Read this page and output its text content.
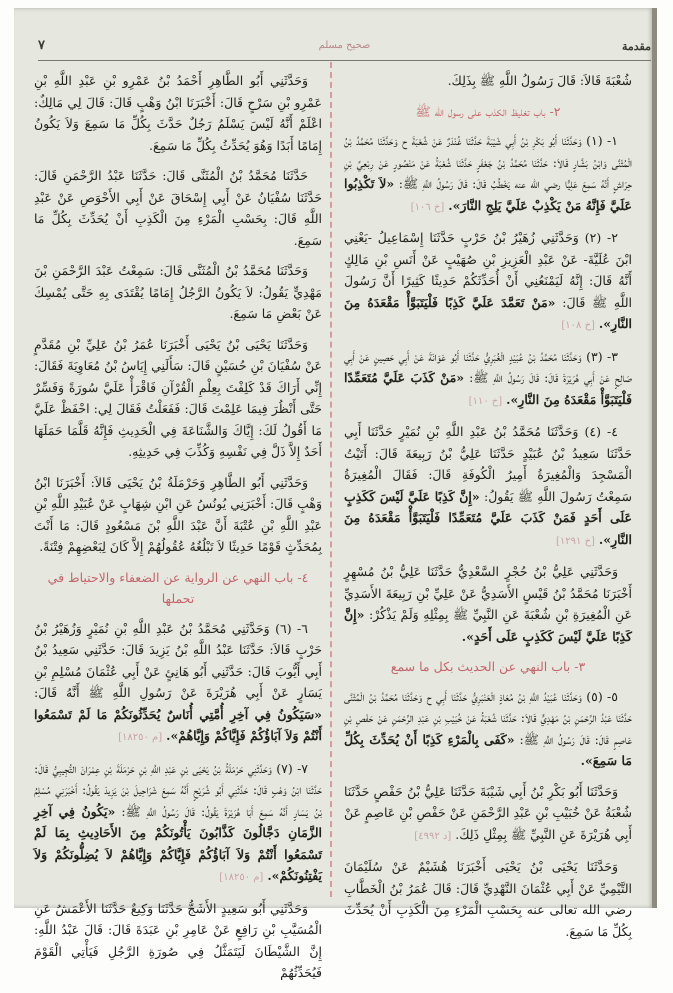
مقدمة
صحيح مسلم
٧

شُعْبَةَ قَالاَ: قَالَ رَسُولُ اللَّهِ ﷺ بِذَلِكَ.

٢- باب تغليظ الكذب على رسول الله ﷺ

١- (١) وَحَدَّثَنَا أَبُو بَكْرِ بْنُ أَبِي شَيْبَةَ حَدَّثَنَا غُنْدَرٌ عَنْ شُعْبَةَ ح وَحَدَّثَنَا مُحَمَّدُ بْنُ الْمُثَنَّى وَابْنُ بَشَّارٍ قَالاَ: حَدَّثَنَا مُحَمَّدُ بْنُ جَعْفَرٍ حَدَّثَنَا شُعْبَةُ عَنْ مَنْصُورٍ عَنْ رِبْعِيِّ بْنِ حِرَاشٍ أَنَّهُ سَمِعَ عَلِيًّا رضي الله عنه يَخْطُبُ قَالَ: قَالَ رَسُولُ اللَّهِ ﷺ: «لاَ تَكْذِبُوا عَلَيَّ فَإِنَّهُ مَنْ يَكْذِبْ عَلَيَّ يَلِجِ النَّارَ». [خ ١٠٦]

٢- (٢) وَحَدَّثَنِي زُهَيْرُ بْنُ حَرْبٍ حَدَّثَنَا إِسْمَاعِيلُ -يَعْنِي ابْنَ عُلَيَّةَ- عَنْ عَبْدِ الْعَزِيزِ بْنِ صُهَيْبٍ عَنْ أَنَسِ بْنِ مَالِكٍ أَنَّهُ قَالَ: إِنَّهُ لَيَمْنَعُنِي أَنْ أُحَدِّثَكُمْ حَدِيثًا كَثِيرًا أَنَّ رَسُولَ اللَّهِ ﷺ قَالَ: «مَنْ تَعَمَّدَ عَلَيَّ كَذِبًا فَلْيَتَبَوَّأْ مَقْعَدَهُ مِنَ النَّارِ». [خ ١٠٨]

٣- (٣) وَحَدَّثَنَا مُحَمَّدُ بْنُ عُبَيْدٍ الْغُبَرِيُّ حَدَّثَنَا أَبُو عَوَانَةَ عَنْ أَبِي حَصِينٍ عَنْ أَبِي صَالِحٍ عَنْ أَبِي هُرَيْرَةَ قَالَ: قَالَ رَسُولُ اللَّهِ ﷺ: «مَنْ كَذَبَ عَلَيَّ مُتَعَمِّدًا فَلْيَتَبَوَّأْ مَقْعَدَهُ مِنَ النَّارِ». [خ ١١٠]

٤- (٤) وَحَدَّثَنَا مُحَمَّدُ بْنُ عَبْدِ اللَّهِ بْنِ نُمَيْرٍ حَدَّثَنَا أَبِي حَدَّثَنَا سَعِيدُ بْنُ عُبَيْدٍ حَدَّثَنَا عَلِيُّ بْنُ رَبِيعَةَ قَالَ: أَتَيْتُ الْمَسْجِدَ وَالْمُغِيرَةُ أَمِيرُ الْكُوفَةِ قَالَ: فَقَالَ الْمُغِيرَةُ سَمِعْتُ رَسُولَ اللَّهِ ﷺ يَقُولُ: «إِنَّ كَذِبًا عَلَيَّ لَيْسَ كَكَذِبٍ عَلَى أَحَدٍ فَمَنْ كَذَبَ عَلَيَّ مُتَعَمِّدًا فَلْيَتَبَوَّأْ مَقْعَدَهُ مِنَ النَّارِ». [خ ١٢٩١]

وَحَدَّثَنِي عَلِيُّ بْنُ حُجْرٍ السَّعْدِيُّ حَدَّثَنَا عَلِيُّ بْنُ مُسْهِرٍ أَخْبَرَنَا مُحَمَّدُ بْنُ قَيْسٍ الأَسَدِيُّ عَنْ عَلِيِّ بْنِ رَبِيعَةَ الأَسَدِيِّ عَنِ الْمُغِيرَةِ بْنِ شُعْبَةَ عَنِ النَّبِيِّ ﷺ بِمِثْلِهِ وَلَمْ يَذْكُرْ: «إِنَّ كَذِبًا عَلَيَّ لَيْسَ كَكَذِبٍ عَلَى أَحَدٍ».

٣- باب النهي عن الحديث بكل ما سمع

٥- (٥) وَحَدَّثَنَا عُبَيْدُ اللَّهِ بْنُ مُعَاذٍ الْعَنْبَرِيُّ حَدَّثَنَا أَبِي ح وَحَدَّثَنَا مُحَمَّدُ بْنُ الْمُثَنَّى حَدَّثَنَا عَبْدُ الرَّحْمَنِ بْنُ مَهْدِيٍّ قَالاَ: حَدَّثَنَا شُعْبَةُ عَنْ خُبَيْبِ بْنِ عَبْدِ الرَّحْمَنِ عَنْ حَفْصِ بْنِ عَاصِمٍ قَالَ: قَالَ رَسُولُ اللَّهِ ﷺ: «كَفَى بِالْمَرْءِ كَذِبًا أَنْ يُحَدِّثَ بِكُلِّ مَا سَمِعَ».

وَحَدَّثَنَا أَبُو بَكْرِ بْنُ أَبِي شَيْبَةَ حَدَّثَنَا عَلِيُّ بْنُ حَفْصٍ حَدَّثَنَا شُعْبَةُ عَنْ خُبَيْبِ بْنِ عَبْدِ الرَّحْمَنِ عَنْ حَفْصِ بْنِ عَاصِمٍ عَنْ أَبِي هُرَيْرَةَ عَنِ النَّبِيِّ ﷺ بِمِثْلِ ذَلِكَ. [د ٤٩٩٢]

وَحَدَّثَنَا يَحْيَى بْنُ يَحْيَى أَخْبَرَنَا هُشَيْمٌ عَنْ سُلَيْمَانَ التَّيْمِيِّ عَنْ أَبِي عُثْمَانَ النَّهْدِيِّ قَالَ: قَالَ عُمَرُ بْنُ الْخَطَّابِ رضي الله تعالى عنه بِحَسْبِ الْمَرْءِ مِنَ الْكَذِبِ أَنْ يُحَدِّثَ بِكُلِّ مَا سَمِعَ.

وَحَدَّثَنِي أَبُو الطَّاهِرِ أَحْمَدُ بْنُ عَمْرِو بْنِ عَبْدِ اللَّهِ بْنِ عَمْرِو بْنِ سَرْحٍ قَالَ: أَخْبَرَنَا ابْنُ وَهْبٍ قَالَ: قَالَ لِي مَالِكٌ: اعْلَمْ أَنَّهُ لَيْسَ يَسْلَمُ رَجُلٌ حَدَّثَ بِكُلِّ مَا سَمِعَ وَلاَ يَكُونُ إِمَامًا أَبَدًا وَهُوَ يُحَدِّثُ بِكُلِّ مَا سَمِعَ.

حَدَّثَنَا مُحَمَّدُ بْنُ الْمُثَنَّى قَالَ: حَدَّثَنَا عَبْدُ الرَّحْمَنِ قَالَ: حَدَّثَنَا سُفْيَانُ عَنْ أَبِي إِسْحَاقَ عَنْ أَبِي الأَحْوَصِ عَنْ عَبْدِ اللَّهِ قَالَ: بِحَسْبِ الْمَرْءِ مِنَ الْكَذِبِ أَنْ يُحَدِّثَ بِكُلِّ مَا سَمِعَ.

وَحَدَّثَنَا مُحَمَّدُ بْنُ الْمُثَنَّى قَالَ: سَمِعْتُ عَبْدَ الرَّحْمَنِ بْنَ مَهْدِيٍّ يَقُولُ: لاَ يَكُونُ الرَّجُلُ إِمَامًا يُقْتَدَى بِهِ حَتَّى يُمْسِكَ عَنْ بَعْضِ مَا سَمِعَ.

وَحَدَّثَنَا يَحْيَى بْنُ يَحْيَى أَخْبَرَنَا عُمَرُ بْنُ عَلِيِّ بْنِ مُقَدَّمٍ عَنْ سُفْيَانَ بْنِ حُسَيْنٍ قَالَ: سَأَلَنِي إِيَاسُ بْنُ مُعَاوِيَةَ فَقَالَ: إِنِّي أَرَاكَ قَدْ كَلِفْتَ بِعِلْمِ الْقُرْآنِ فَاقْرَأْ عَلَيَّ سُورَةً وَفَسِّرْ حَتَّى أَنْظُرَ فِيمَا عَلِمْتَ قَالَ: فَفَعَلْتُ فَقَالَ لِي: احْفَظْ عَلَيَّ مَا أَقُولُ لَكَ: إِيَّاكَ وَالشَّنَاعَةَ فِي الْحَدِيثِ فَإِنَّهُ قَلَّمَا حَمَلَهَا أَحَدٌ إِلاَّ ذَلَّ فِي نَفْسِهِ وَكُذِّبَ فِي حَدِيثِهِ.

وَحَدَّثَنِي أَبُو الطَّاهِرِ وَحَرْمَلَةُ بْنُ يَحْيَى قَالاَ: أَخْبَرَنَا ابْنُ وَهْبٍ قَالَ: أَخْبَرَنِي يُونُسُ عَنِ ابْنِ شِهَابٍ عَنْ عُبَيْدِ اللَّهِ بْنِ عَبْدِ اللَّهِ بْنِ عُتْبَةَ أَنَّ عَبْدَ اللَّهِ بْنَ مَسْعُودٍ قَالَ: مَا أَنْتَ بِمُحَدِّثٍ قَوْمًا حَدِيثًا لاَ تَبْلُغُهُ عُقُولُهُمْ إِلاَّ كَانَ لِبَعْضِهِمْ فِتْنَةً.

٤- باب النهي عن الرواية عن الضعفاء والاحتياط في تحملها

٦- (٦) وَحَدَّثَنِي مُحَمَّدُ بْنُ عَبْدِ اللَّهِ بْنِ نُمَيْرٍ وَزُهَيْرُ بْنُ حَرْبٍ قَالاَ: حَدَّثَنَا عَبْدُ اللَّهِ بْنُ يَزِيدَ قَالَ: حَدَّثَنِي سَعِيدُ بْنُ أَبِي أَيُّوبَ قَالَ: حَدَّثَنِي أَبُو هَانِئٍ عَنْ أَبِي عُثْمَانَ مُسْلِمِ بْنِ يَسَارٍ عَنْ أَبِي هُرَيْرَةَ عَنْ رَسُولِ اللَّهِ ﷺ أَنَّهُ قَالَ: «سَيَكُونُ فِي آخِرِ أُمَّتِي أُنَاسٌ يُحَدِّثُونَكُمْ مَا لَمْ تَسْمَعُوا أَنْتُمْ وَلاَ آبَاؤُكُمْ فَإِيَّاكُمْ وَإِيَّاهُمْ». [م ١٨٢٥٠]

٧- (٧) وَحَدَّثَنِي حَرْمَلَةُ بْنُ يَحْيَى بْنِ عَبْدِ اللَّهِ بْنِ حَرْمَلَةَ بْنِ عِمْرَانَ التُّجِيبِيُّ قَالَ: حَدَّثَنَا ابْنُ وَهْبٍ قَالَ: حَدَّثَنِي أَبُو شُرَيْحٍ أَنَّهُ سَمِعَ شَرَاحِيلَ بْنَ يَزِيدَ يَقُولُ: أَخْبَرَنِي مُسْلِمُ بْنُ يَسَارٍ أَنَّهُ سَمِعَ أَبَا هُرَيْرَةَ يَقُولُ: قَالَ رَسُولُ اللَّهِ ﷺ: «يَكُونُ فِي آخِرِ الزَّمَانِ دَجَّالُونَ كَذَّابُونَ يَأْتُونَكُمْ مِنَ الأَحَادِيثِ بِمَا لَمْ تَسْمَعُوا أَنْتُمْ وَلاَ آبَاؤُكُمْ فَإِيَّاكُمْ وَإِيَّاهُمْ لاَ يُضِلُّونَكُمْ وَلاَ يَفْتِنُونَكُمْ». [م ١٨٢٥٠]

وَحَدَّثَنِي أَبُو سَعِيدٍ الأَشَجُّ حَدَّثَنَا وَكِيعٌ حَدَّثَنَا الأَعْمَشُ عَنِ الْمُسَيَّبِ بْنِ رَافِعٍ عَنْ عَامِرِ بْنِ عَبَدَةَ قَالَ: قَالَ عَبْدُ اللَّهِ: إِنَّ الشَّيْطَانَ لَيَتَمَثَّلُ فِي صُورَةِ الرَّجُلِ فَيَأْتِي الْقَوْمَ فَيُحَدِّثُهُمْ
